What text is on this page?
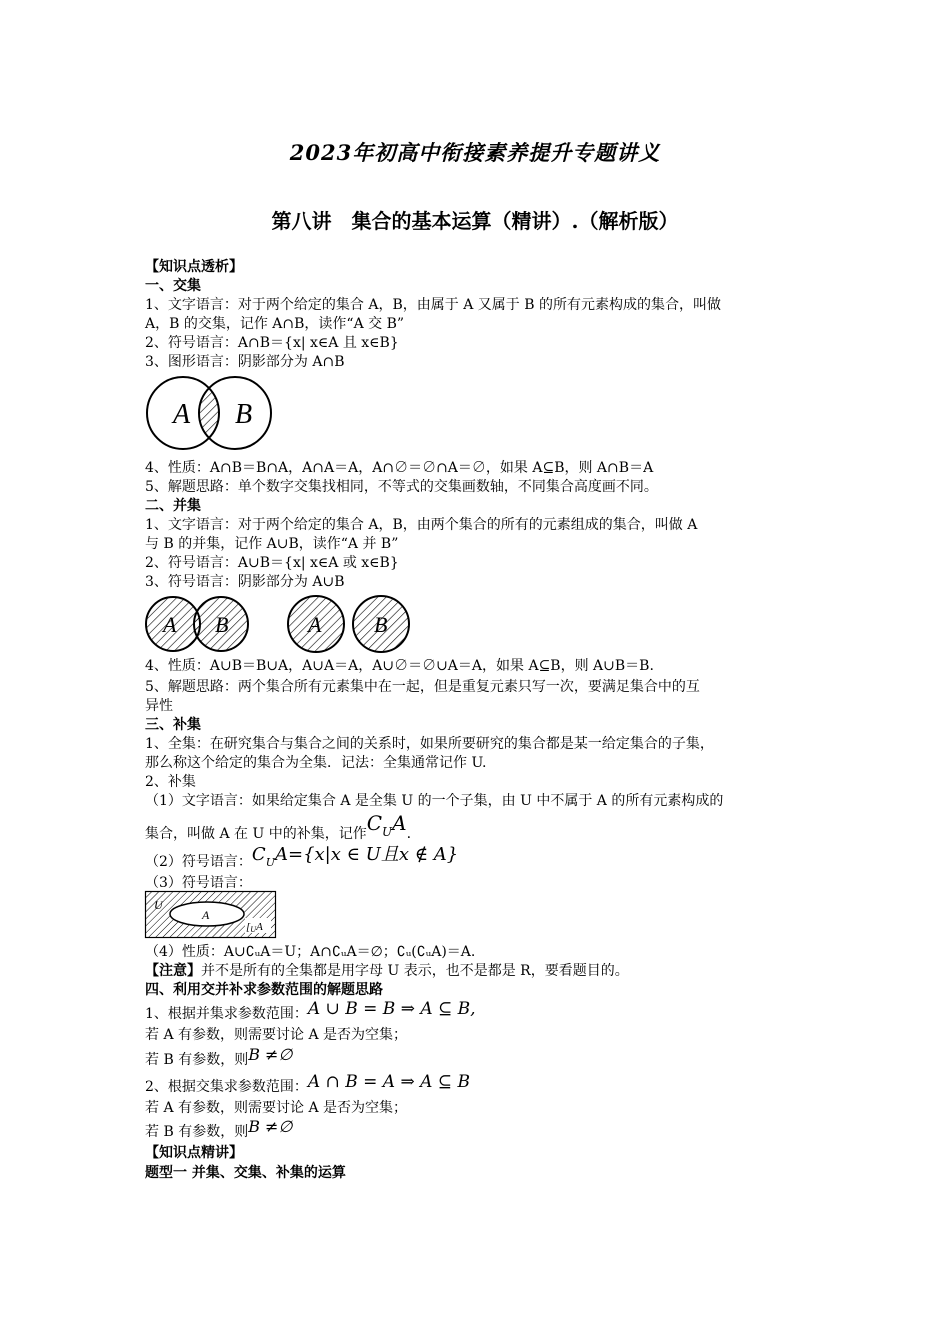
2023年初高中衔接素养提升专题讲义
第八讲　集合的基本运算（精讲）.（解析版）
【知识点透析】
一、交集
1、文字语言：对于两个给定的集合 A，B，由属于 A 又属于 B 的所有元素构成的集合，叫做
A，B 的交集，记作 A∩B，读作“A 交 B”
2、符号语言：A∩B＝{x| x∈A 且 x∈B}
3、图形语言：阴影部分为 A∩B
A B
4、性质：A∩B＝B∩A，A∩A＝A，A∩∅＝∅∩A＝∅，如果 A⊆B，则 A∩B＝A
5、解题思路：单个数字交集找相同，不等式的交集画数轴，不同集合高度画不同。
二、并集
1、文字语言：对于两个给定的集合 A，B，由两个集合的所有的元素组成的集合，叫做 A
与 B 的并集，记作 A∪B，读作“A 并 B”
2、符号语言：A∪B＝{x| x∈A 或 x∈B}
3、符号语言：阴影部分为 A∪B
A B	A B
4、性质：A∪B＝B∪A，A∪A＝A，A∪∅＝∅∪A＝A，如果 A⊆B，则 A∪B＝B.
5、解题思路：两个集合所有元素集中在一起，但是重复元素只写一次，要满足集合中的互
异性
三、补集
1、全集：在研究集合与集合之间的关系时，如果所要研究的集合都是某一给定集合的子集，
那么称这个给定的集合为全集．记法：全集通常记作 U.
2、补集
（1）文字语言：如果给定集合 A 是全集 U 的一个子集，由 U 中不属于 A 的所有元素构成的
集合，叫做 A 在 U 中的补集，记作$C_UA$.
（2）符号语言：$C_UA=\{x|x$ ∈ U且x ∉ A}
（3）符号语言：
U
A
[UA
（4）性质：A∪∁ᵤA＝U；A∩∁ᵤA＝∅；∁ᵤ(∁ᵤA)＝A.
【注意】并不是所有的全集都是用字母 U 表示，也不是都是 R，要看题目的。
四、利用交并补求参数范围的解题思路
1、根据并集求参数范围：A ∪ B = B ⇒ A ⊆ B,
若 A 有参数，则需要讨论 A 是否为空集；
若 B 有参数，则B ≠∅
2、根据交集求参数范围：A ∩ B = A ⇒ A ⊆ B
若 A 有参数，则需要讨论 A 是否为空集；
若 B 有参数，则B ≠∅
【知识点精讲】
题型一 并集、交集、补集的运算
